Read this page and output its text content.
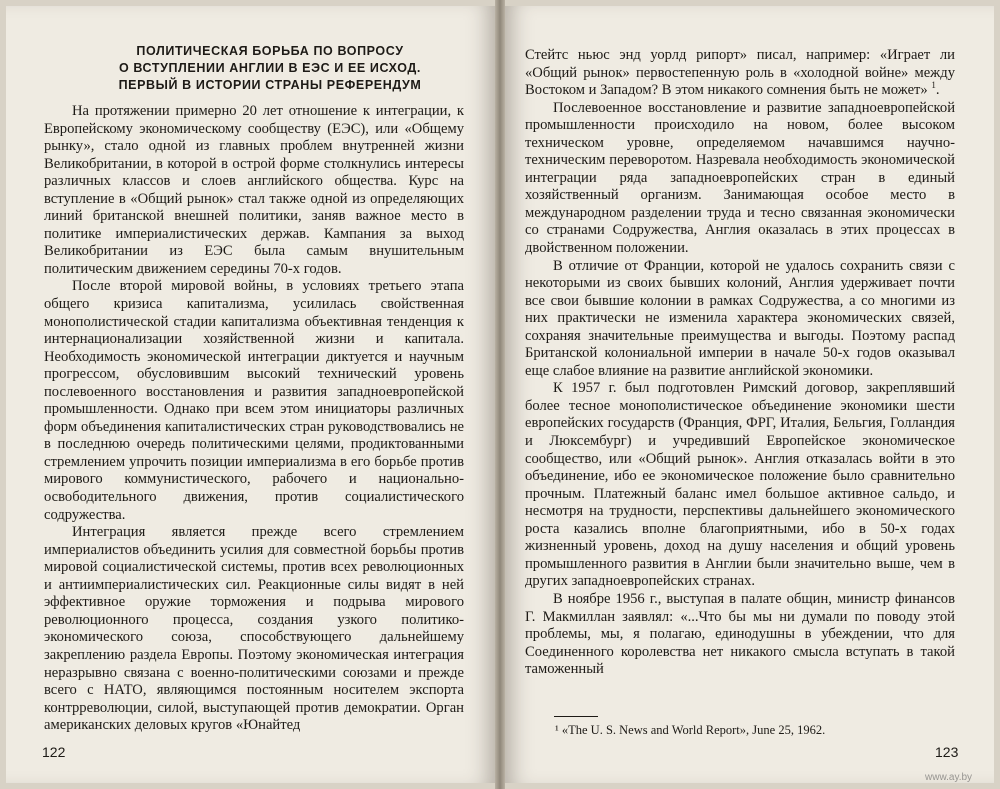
ПОЛИТИЧЕСКАЯ БОРЬБА ПО ВОПРОСУ
О ВСТУПЛЕНИИ АНГЛИИ В ЕЭС И ЕЕ ИСХОД.
ПЕРВЫЙ В ИСТОРИИ СТРАНЫ РЕФЕРЕНДУМ

На протяжении примерно 20 лет отношение к интеграции, к Европейскому экономическому сообществу (ЕЭС), или «Общему рынку», стало одной из главных проблем внутренней жизни Великобритании, в которой в острой форме столкнулись интересы различных классов и слоев английского общества. Курс на вступление в «Общий рынок» стал также одной из определяющих линий британской внешней политики, заняв важное место в политике империалистических держав. Кампания за выход Великобритании из ЕЭС была самым внушительным политическим движением середины 70-х годов.

После второй мировой войны, в условиях третьего этапа общего кризиса капитализма, усилилась свойственная монополистической стадии капитализма объективная тенденция к интернационализации хозяйственной жизни и капитала. Необходимость экономической интеграции диктуется и научным прогрессом, обусловившим высокий технический уровень послевоенного восстановления и развития западноевропейской промышленности. Однако при всем этом инициаторы различных форм объединения капиталистических стран руководствовались не в последнюю очередь политическими целями, продиктованными стремлением упрочить позиции империализма в его борьбе против мирового коммунистического, рабочего и национально-освободительного движения, против социалистического содружества.

Интеграция является прежде всего стремлением империалистов объединить усилия для совместной борьбы против мировой социалистической системы, против всех революционных и антиимпериалистических сил. Реакционные силы видят в ней эффективное оружие торможения и подрыва мирового революционного процесса, создания узкого политико-экономического союза, способствующего дальнейшему закреплению раздела Европы. Поэтому экономическая интеграция неразрывно связана с военно-политическими союзами и прежде всего с НАТО, являющимся постоянным носителем экспорта контрреволюции, силой, выступающей против демократии. Орган американских деловых кругов «Юнайтед

122

Стейтс ньюс энд уорлд рипорт» писал, например: «Играет ли «Общий рынок» первостепенную роль в «холодной войне» между Востоком и Западом? В этом никакого сомнения быть не может» $^1$.

Послевоенное восстановление и развитие западноевропейской промышленности происходило на новом, более высоком техническом уровне, определяемом начавшимся научно-техническим переворотом. Назревала необходимость экономической интеграции ряда западноевропейских стран в единый хозяйственный организм. Занимающая особое место в международном разделении труда и тесно связанная экономически со странами Содружества, Англия оказалась в этих процессах в двойственном положении.

В отличие от Франции, которой не удалось сохранить связи с некоторыми из своих бывших колоний, Англия удерживает почти все свои бывшие колонии в рамках Содружества, а со многими из них практически не изменила характера экономических связей, сохраняя значительные преимущества и выгоды. Поэтому распад Британской колониальной империи в начале 50-х годов оказывал еще слабое влияние на развитие английской экономики.

К 1957 г. был подготовлен Римский договор, закреплявший более тесное монополистическое объединение экономики шести европейских государств (Франция, ФРГ, Италия, Бельгия, Голландия и Люксембург) и учредивший Европейское экономическое сообщество, или «Общий рынок». Англия отказалась войти в это объединение, ибо ее экономическое положение было сравнительно прочным. Платежный баланс имел большое активное сальдо, и несмотря на трудности, перспективы дальнейшего экономического роста казались вполне благоприятными, ибо в 50-х годах жизненный уровень, доход на душу населения и общий уровень промышленного развития в Англии были значительно выше, чем в других западноевропейских странах.

В ноябре 1956 г., выступая в палате общин, министр финансов Г. Макмиллан заявлял: «...Что бы мы ни думали по поводу этой проблемы, мы, я полагаю, единодушны в убеждении, что для Соединенного королевства нет никакого смысла вступать в такой таможенный

¹ «The U. S. News and World Report», June 25, 1962.
123
www.ay.by
